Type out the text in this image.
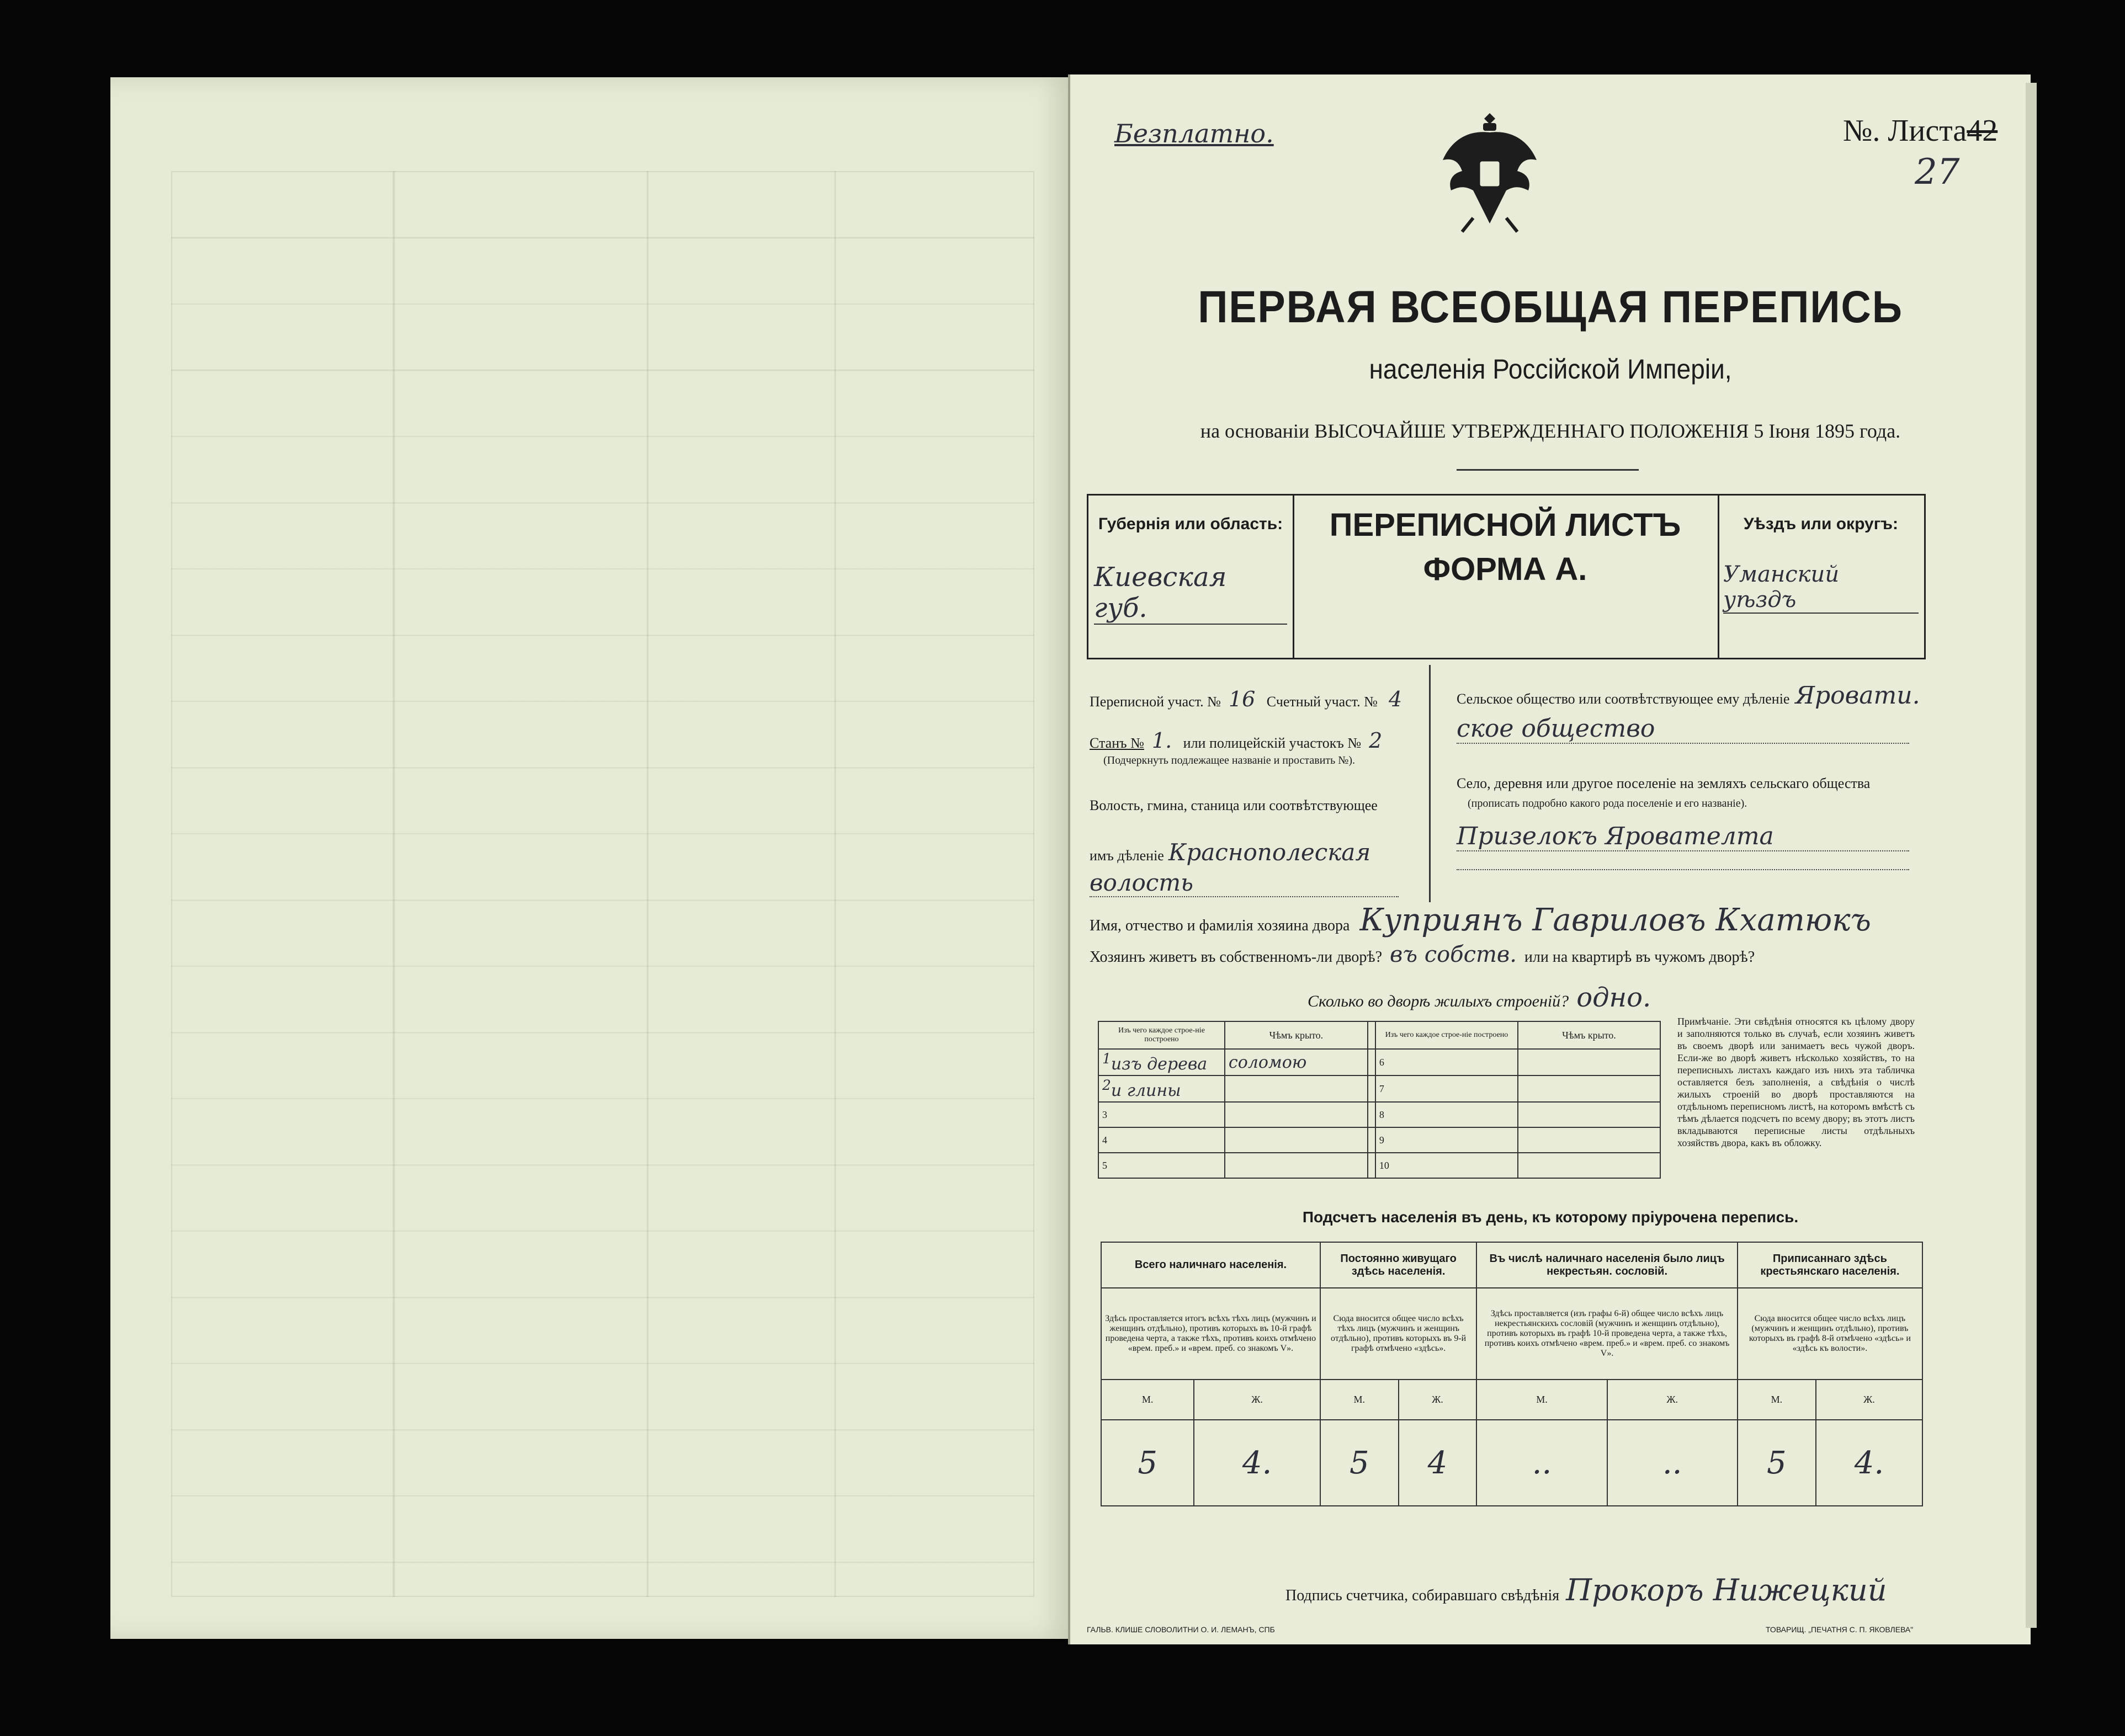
Безплатно.	№. Листа42
27
ПЕРВАЯ ВСЕОБЩАЯ ПЕРЕПИСЬ
населенія Россійской Имперіи,
на основаніи ВЫСОЧАЙШЕ УТВЕРЖДЕННАГО ПОЛОЖЕНІЯ 5 Іюня 1895 года.
Губернія или область:
Киевская губ.
ПЕРЕПИСНОЙ ЛИСТЪ
ФОРМА А.
Уѣздъ или округъ:
Уманский уѣздъ
Переписной участ. № 16 Счетный участ. № 4
Станъ № 1. или полицейскій участокъ № 2
(Подчеркнуть подлежащее названіе и проставить №).
Волость, гмина, станица или соотвѣтствующее
имъ дѣленіе Краснополеская
волость
Сельское общество или соотвѣтствующее ему дѣленіе Яровати.
ское общество
Село, деревня или другое поселеніе на земляхъ сельскаго общества
(прописать подробно какого рода поселеніе и его названіе).
Призелокъ Ярователта
Имя, отчество и фамилія хозяина двора Куприянъ Гавриловъ Кхатюкъ
Хозяинъ живетъ въ собственномъ-ли дворѣ? въ собств. или на квартирѣ въ чужомъ дворѣ?
Сколько во дворѣ жилыхъ строеній? одно.
Изъ чего каждое строе-ніе построено	Чѣмъ крыто.		Изъ чего каждое строе-ніе построено	Чѣмъ крыто.
$^1$изъ дерева	соломою		6	
$^2$и глины			7	
3			8	
4			9	
5			10	
Примѣчаніе. Эти свѣдѣнія относятся къ цѣлому двору и заполняются только въ случаѣ, если хозяинъ живетъ въ своемъ дворѣ или занимаетъ весь чужой дворъ. Если-же во дворѣ живетъ нѣсколько хозяйствъ, то на переписныхъ листахъ каждаго изъ нихъ эта табличка оставляется безъ заполненія, а свѣдѣнія о числѣ жилыхъ строеній во дворѣ проставляются на отдѣльномъ переписномъ листѣ, на которомъ вмѣстѣ съ тѣмъ дѣлается подсчетъ по всему двору; въ этотъ листъ вкладываются переписные листы отдѣльныхъ хозяйствъ двора, какъ въ обложку.
Подсчетъ населенія въ день, къ которому пріурочена перепись.
Всего наличнаго населенія.		Постоянно живущаго здѣсь населенія.		Въ числѣ наличнаго населенія было лицъ некрестьян. сословій.		Приписаннаго здѣсь крестьянскаго населенія.	
Здѣсь проставляется итогъ всѣхъ тѣхъ лицъ (мужчинъ и женщинъ отдѣльно), противъ которыхъ въ 10-й графѣ проведена черта, а также тѣхъ, противъ коихъ отмѣчено «врем. преб.» и «врем. преб. со знакомъ V».		Сюда вносится общее число всѣхъ тѣхъ лицъ (мужчинъ и женщинъ отдѣльно), противъ которыхъ въ 9-й графѣ отмѣчено «здѣсь».		Здѣсь проставляется (изъ графы 6-й) общее число всѣхъ лицъ некрестьянскихъ сословій (мужчинъ и женщинъ отдѣльно), противъ которыхъ въ графѣ 10-й проведена черта, а также тѣхъ, противъ коихъ отмѣчено «врем. преб.» и «врем. преб. со знакомъ V».		Сюда вносится общее число всѣхъ лицъ (мужчинъ и женщинъ отдѣльно), противъ которыхъ въ графѣ 8-й отмѣчено «здѣсь» и «здѣсь къ волости».	
М.	Ж.	М.	Ж.	М.	Ж.	М.	Ж.
5	4.	5	4	..	..	5	4.
Подпись счетчика, собиравшаго свѣдѣнія Прокоръ Нижецкий
ГАЛЬВ. КЛИШЕ СЛОВОЛИТНИ О. И. ЛЕМАНЪ, СПБ	ТОВАРИЩ. „ПЕЧАТНЯ С. П. ЯКОВЛЕВА"
